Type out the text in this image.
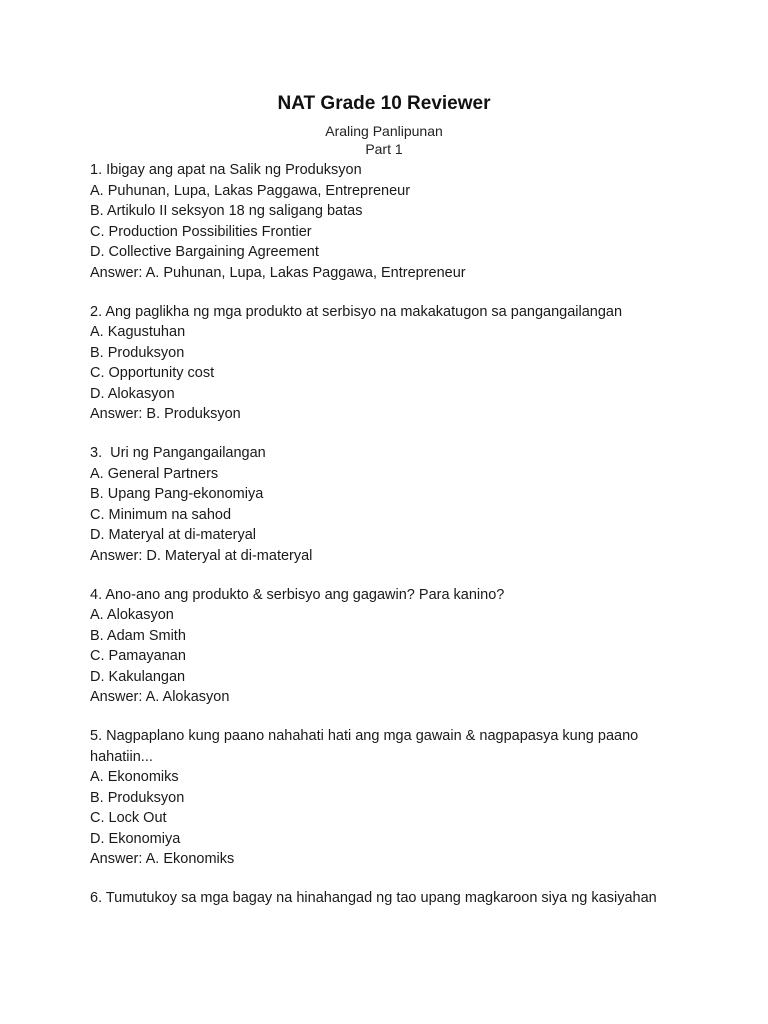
NAT Grade 10 Reviewer
Araling Panlipunan
Part 1
1. Ibigay ang apat na Salik ng Produksyon
A. Puhunan, Lupa, Lakas Paggawa, Entrepreneur
B. Artikulo II seksyon 18 ng saligang batas
C. Production Possibilities Frontier
D. Collective Bargaining Agreement
Answer: A. Puhunan, Lupa, Lakas Paggawa, Entrepreneur
2. Ang paglikha ng mga produkto at serbisyo na makakatugon sa pangangailangan
A. Kagustuhan
B. Produksyon
C. Opportunity cost
D. Alokasyon
Answer: B. Produksyon
3.  Uri ng Pangangailangan
A. General Partners
B. Upang Pang-ekonomiya
C. Minimum na sahod
D. Materyal at di-materyal
Answer: D. Materyal at di-materyal
4. Ano-ano ang produkto & serbisyo ang gagawin? Para kanino?
A. Alokasyon
B. Adam Smith
C. Pamayanan
D. Kakulangan
Answer: A. Alokasyon
5. Nagpaplano kung paano nahahati hati ang mga gawain & nagpapasya kung paano hahatiin...
A. Ekonomiks
B. Produksyon
C. Lock Out
D. Ekonomiya
Answer: A. Ekonomiks
6. Tumutukoy sa mga bagay na hinahangad ng tao upang magkaroon siya ng kasiyahan
